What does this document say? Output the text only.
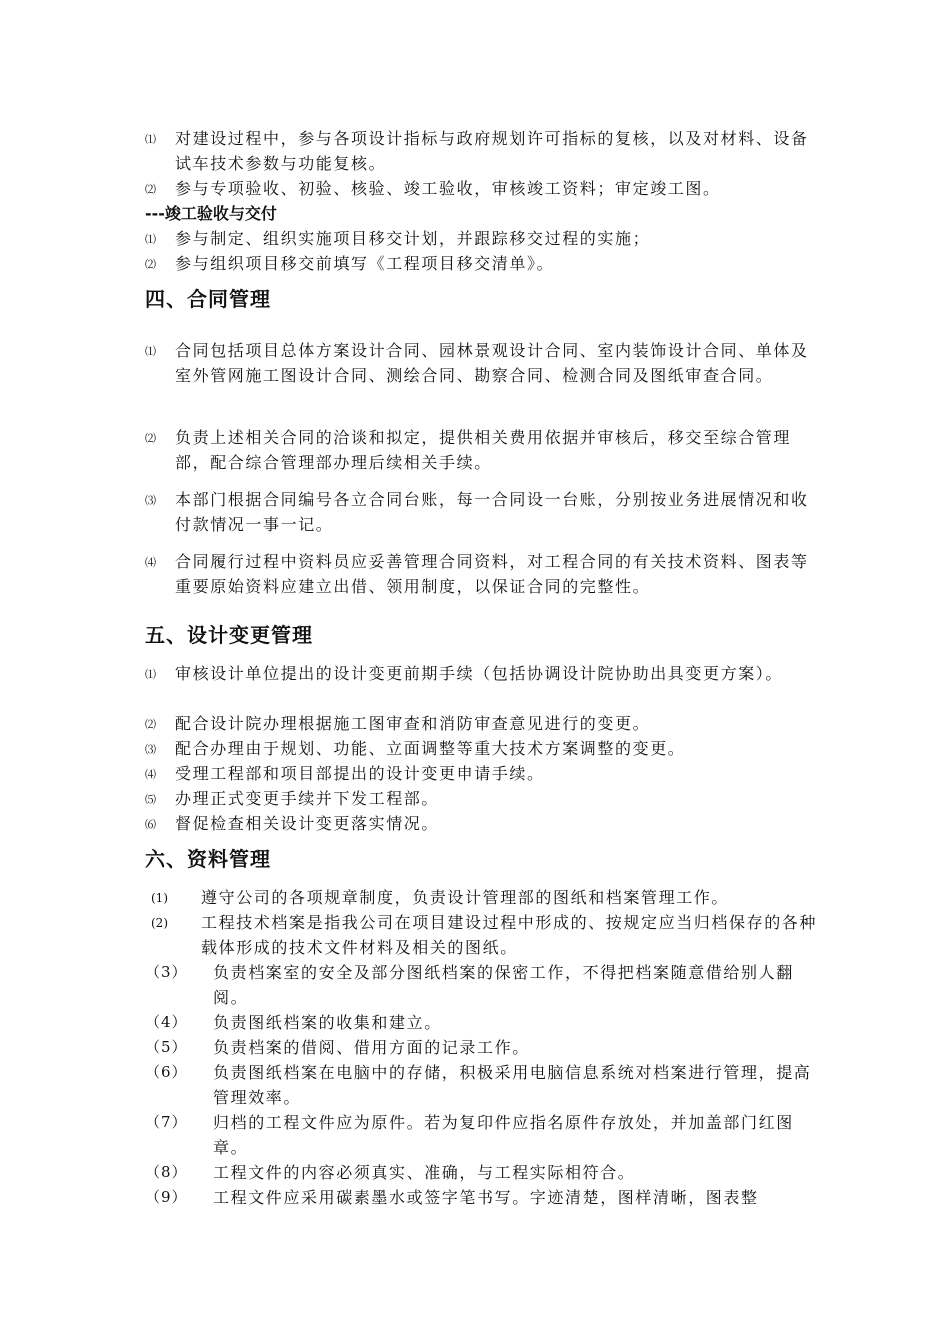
⑴	对建设过程中，参与各项设计指标与政府规划许可指标的复核，以及对材料、设备试车技术参数与功能复核。
⑵	参与专项验收、初验、核验、竣工验收，审核竣工资料；审定竣工图。
---竣工验收与交付
⑴	参与制定、组织实施项目移交计划，并跟踪移交过程的实施；
⑵	参与组织项目移交前填写《工程项目移交清单》。
四、合同管理
⑴	合同包括项目总体方案设计合同、园林景观设计合同、室内装饰设计合同、单体及室外管网施工图设计合同、测绘合同、勘察合同、检测合同及图纸审查合同。
⑵	负责上述相关合同的洽谈和拟定，提供相关费用依据并审核后，移交至综合管理部，配合综合管理部办理后续相关手续。
⑶	本部门根据合同编号各立合同台账，每一合同设一台账，分别按业务进展情况和收付款情况一事一记。
⑷	合同履行过程中资料员应妥善管理合同资料，对工程合同的有关技术资料、图表等重要原始资料应建立出借、领用制度，以保证合同的完整性。
五、设计变更管理
⑴	审核设计单位提出的设计变更前期手续（包括协调设计院协助出具变更方案）。
⑵	配合设计院办理根据施工图审查和消防审查意见进行的变更。
⑶	配合办理由于规划、功能、立面调整等重大技术方案调整的变更。
⑷	受理工程部和项目部提出的设计变更申请手续。
⑸	办理正式变更手续并下发工程部。
⑹	督促检查相关设计变更落实情况。
六、资料管理
(1)	遵守公司的各项规章制度，负责设计管理部的图纸和档案管理工作。
(2)	工程技术档案是指我公司在项目建设过程中形成的、按规定应当归档保存的各种载体形成的技术文件材料及相关的图纸。
（3）	负责档案室的安全及部分图纸档案的保密工作，不得把档案随意借给别人翻阅。
（4）	负责图纸档案的收集和建立。
（5）	负责档案的借阅、借用方面的记录工作。
（6）	负责图纸档案在电脑中的存储，积极采用电脑信息系统对档案进行管理，提高管理效率。
（7）	归档的工程文件应为原件。若为复印件应指名原件存放处，并加盖部门红图章。
（8）	工程文件的内容必须真实、准确，与工程实际相符合。
（9）	工程文件应采用碳素墨水或签字笔书写。字迹清楚，图样清晰，图表整
